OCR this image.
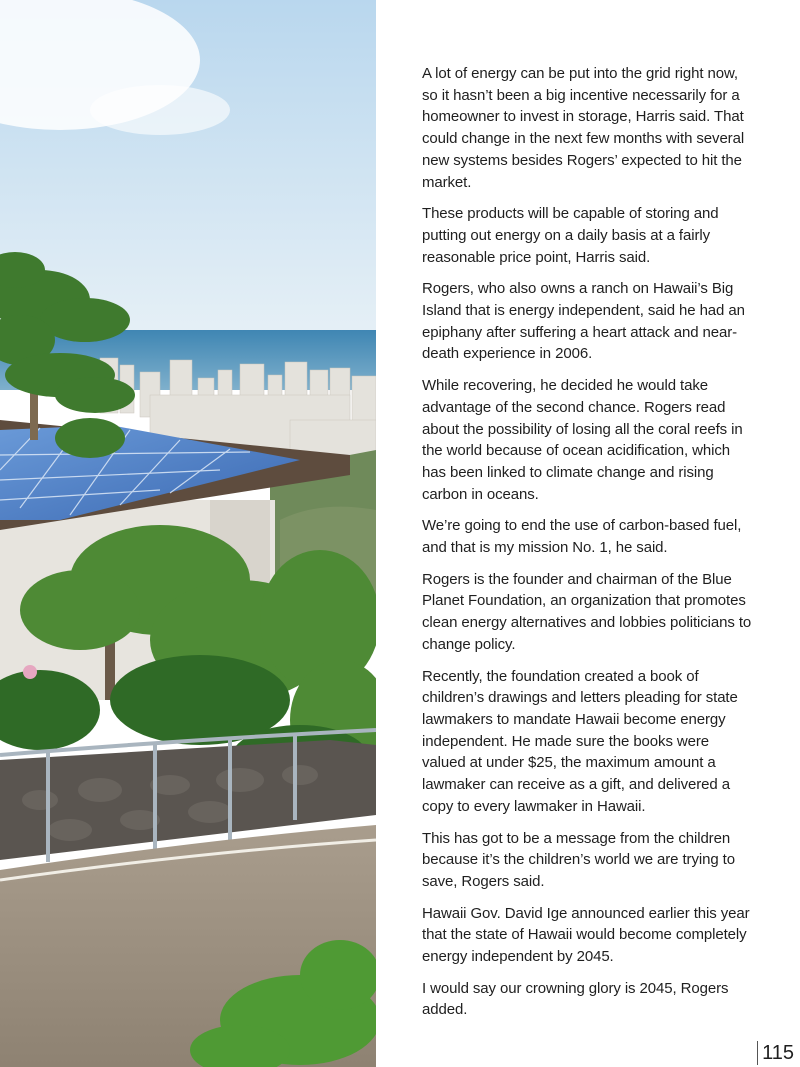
A lot of energy can be put into the grid right now, so it hasn’t been a big incentive necessarily for a homeowner to invest in storage, Harris said. That could change in the next few months with several new systems besides Rogers’ expected to hit the market.

These products will be capable of storing and putting out energy on a daily basis at a fairly reasonable price point, Harris said.

Rogers, who also owns a ranch on Hawaii’s Big Island that is energy independent, said he had an epiphany after suffering a heart attack and near-death experience in 2006.

While recovering, he decided he would take advantage of the second chance. Rogers read about the possibility of losing all the coral reefs in the world because of ocean acidification, which has been linked to climate change and rising carbon in oceans.

We’re going to end the use of carbon-based fuel, and that is my mission No. 1, he said.

Rogers is the founder and chairman of the Blue Planet Foundation, an organization that promotes clean energy alternatives and lobbies politicians to change policy.

Recently, the foundation created a book of children’s drawings and letters pleading for state lawmakers to mandate Hawaii become energy independent. He made sure the books were valued at under $25, the maximum amount a lawmaker can receive as a gift, and delivered a copy to every lawmaker in Hawaii.

This has got to be a message from the children because it’s the children’s world we are trying to save, Rogers said.

Hawaii Gov. David Ige announced earlier this year that the state of Hawaii would become completely energy independent by 2045.

I would say our crowning glory is 2045, Rogers added.

115
